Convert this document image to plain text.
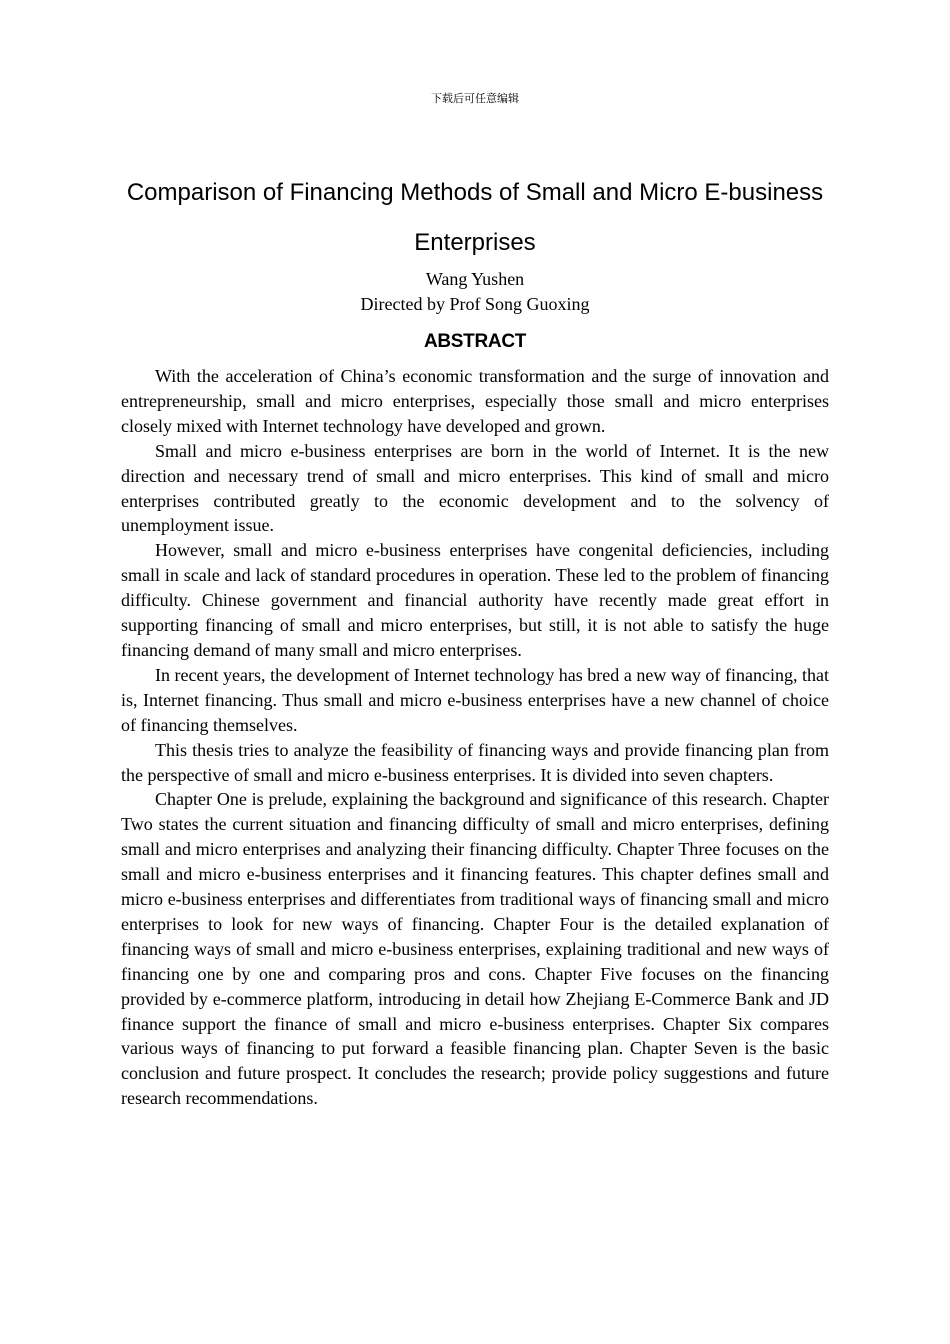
下载后可任意编辑
Comparison of Financing Methods of Small and Micro E-business Enterprises
Wang Yushen
Directed by Prof Song Guoxing
ABSTRACT

With the acceleration of China’s economic transformation and the surge of innovation and entrepreneurship, small and micro enterprises, especially those small and micro enterprises closely mixed with Internet technology have developed and grown.

Small and micro e-business enterprises are born in the world of Internet. It is the new direction and necessary trend of small and micro enterprises. This kind of small and micro enterprises contributed greatly to the economic development and to the solvency of unemployment issue.

However, small and micro e-business enterprises have congenital deficiencies, including small in scale and lack of standard procedures in operation. These led to the problem of financing difficulty. Chinese government and financial authority have recently made great effort in supporting financing of small and micro enterprises, but still, it is not able to satisfy the huge financing demand of many small and micro enterprises.

In recent years, the development of Internet technology has bred a new way of financing, that is, Internet financing. Thus small and micro e-business enterprises have a new channel of choice of financing themselves.

This thesis tries to analyze the feasibility of financing ways and provide financing plan from the perspective of small and micro e-business enterprises. It is divided into seven chapters.

Chapter One is prelude, explaining the background and significance of this research. Chapter Two states the current situation and financing difficulty of small and micro enterprises, defining small and micro enterprises and analyzing their financing difficulty. Chapter Three focuses on the small and micro e-business enterprises and it financing features. This chapter defines small and micro e-business enterprises and differentiates from traditional ways of financing small and micro enterprises to look for new ways of financing. Chapter Four is the detailed explanation of financing ways of small and micro e-business enterprises, explaining traditional and new ways of financing one by one and comparing pros and cons. Chapter Five focuses on the financing provided by e-commerce platform, introducing in detail how Zhejiang E-Commerce Bank and JD finance support the finance of small and micro e-business enterprises. Chapter Six compares various ways of financing to put forward a feasible financing plan. Chapter Seven is the basic conclusion and future prospect. It concludes the research; provide policy suggestions and future research recommendations.
